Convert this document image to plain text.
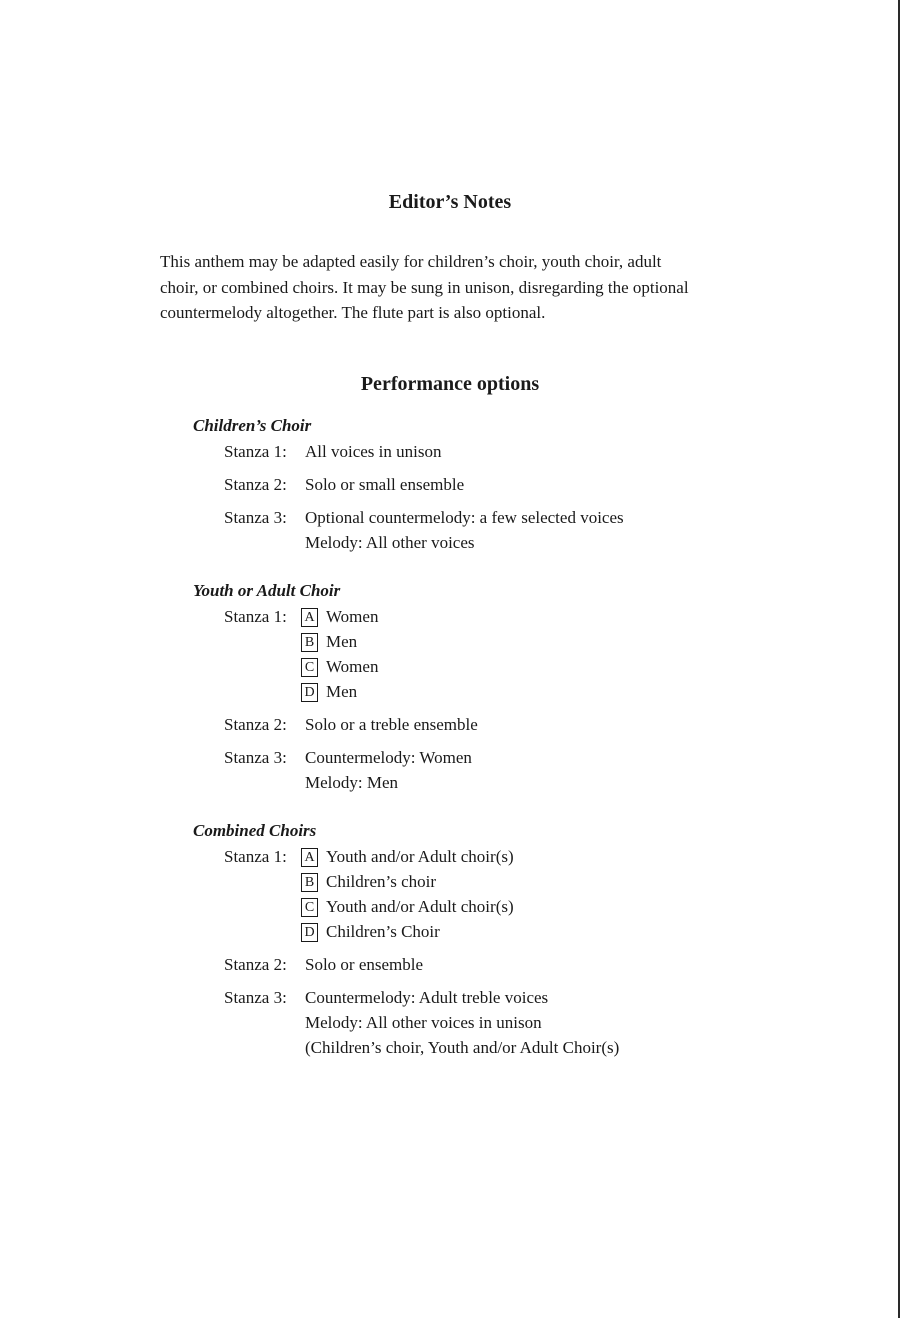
Editor’s Notes
This anthem may be adapted easily for children’s choir, youth choir, adult
choir, or combined choirs. It may be sung in unison, disregarding the optional
countermelody altogether. The flute part is also optional.
Performance options
Children’s Choir
Stanza 1: All voices in unison
Stanza 2: Solo or small ensemble
Stanza 3: Optional countermelody: a few selected voices
Melody: All other voices
Youth or Adult Choir
Stanza 1: A Women
B Men
C Women
D Men
Stanza 2: Solo or a treble ensemble
Stanza 3: Countermelody: Women
Melody: Men
Combined Choirs
Stanza 1: A Youth and/or Adult choir(s)
B Children’s choir
C Youth and/or Adult choir(s)
D Children’s Choir
Stanza 2: Solo or ensemble
Stanza 3: Countermelody: Adult treble voices
Melody: All other voices in unison
(Children’s choir, Youth and/or Adult Choir(s)
